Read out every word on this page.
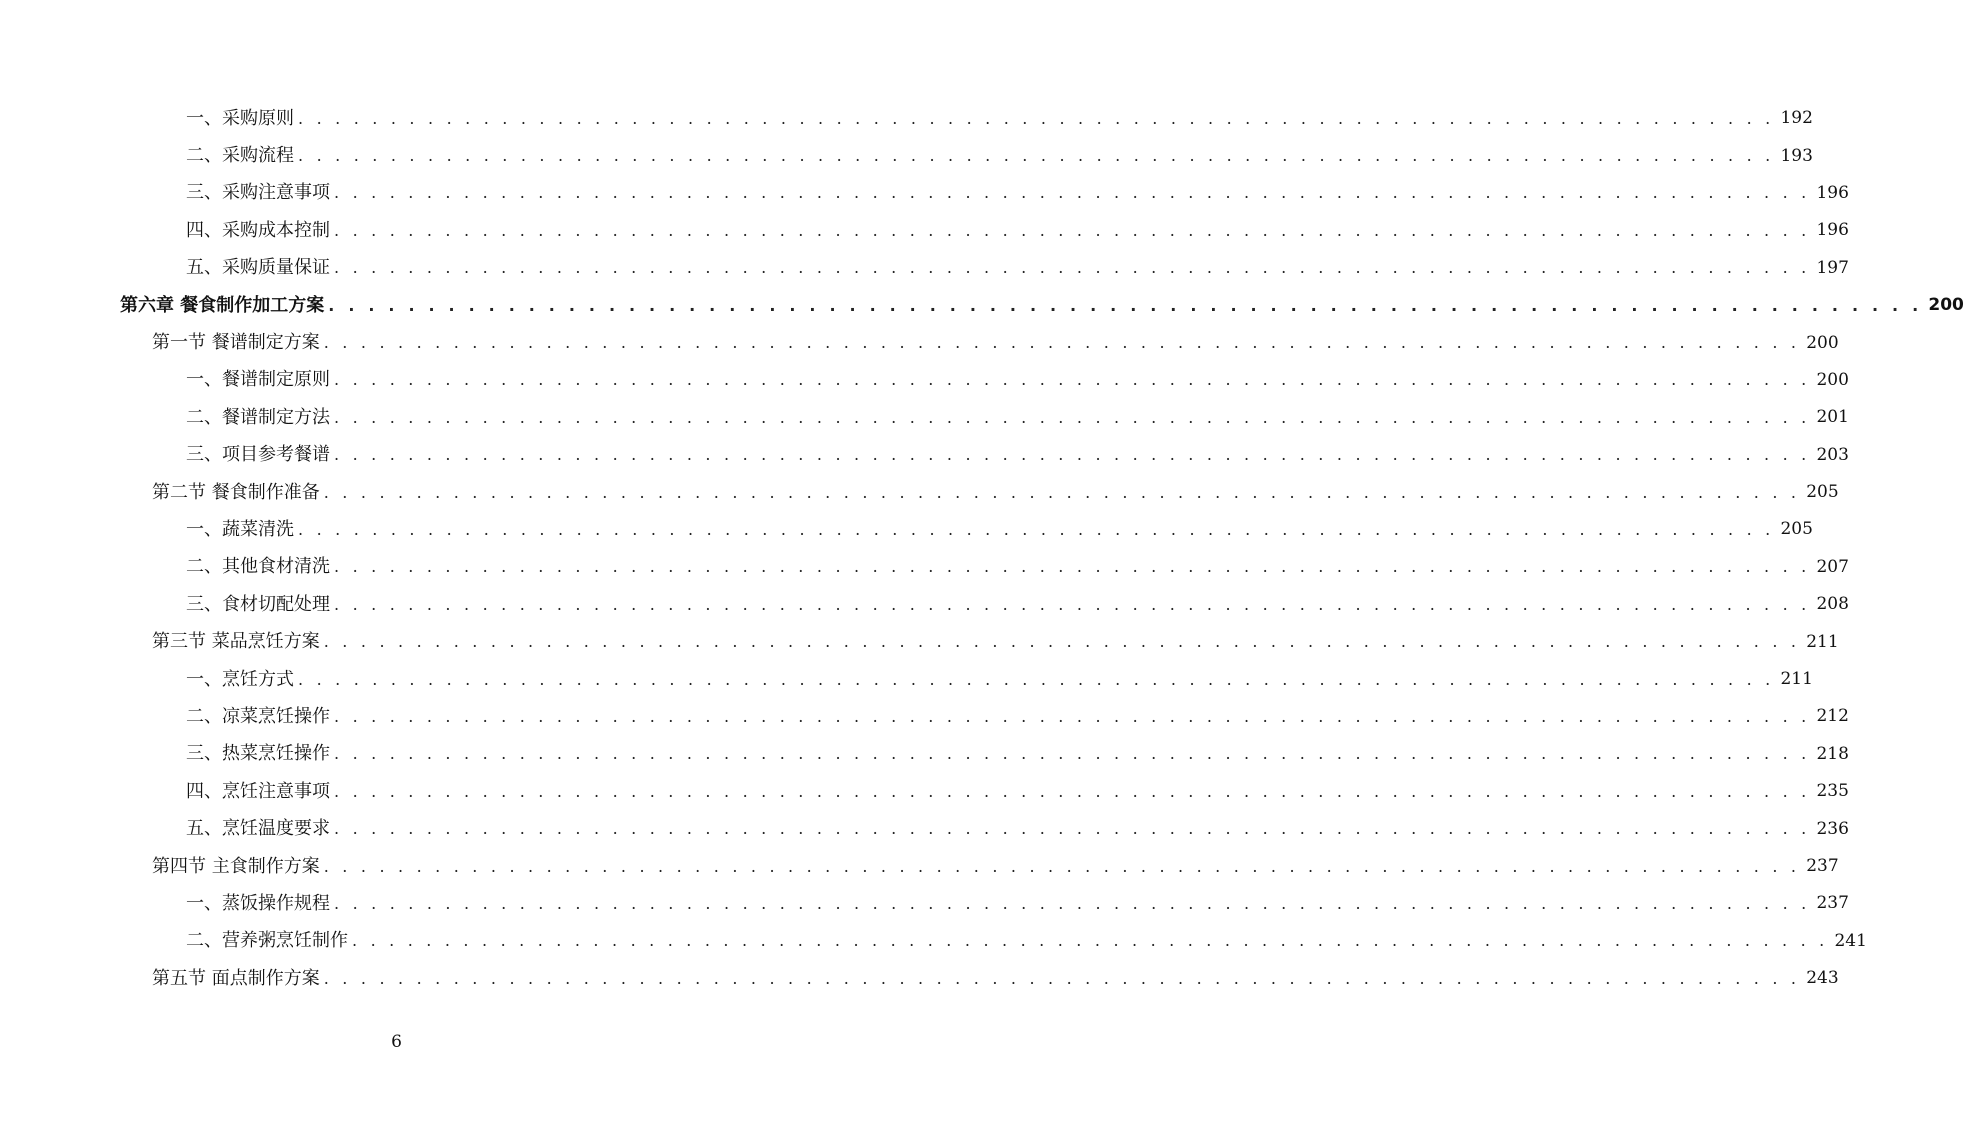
一、采购原则 . . . . . . . . . . . . . . . . . . . . . . . . . . . . . . . . . . . . . . . . . . . . . . . . . . . . . . . . . . . . . . . . . . . . . . . . . . . . . . . . 192
二、采购流程 . . . . . . . . . . . . . . . . . . . . . . . . . . . . . . . . . . . . . . . . . . . . . . . . . . . . . . . . . . . . . . . . . . . . . . . . . . . . . . . . 193
三、采购注意事项 . . . . . . . . . . . . . . . . . . . . . . . . . . . . . . . . . . . . . . . . . . . . . . . . . . . . . . . . . . . . . . . . . . . . . . . . . . . . . . . . 196
四、采购成本控制 . . . . . . . . . . . . . . . . . . . . . . . . . . . . . . . . . . . . . . . . . . . . . . . . . . . . . . . . . . . . . . . . . . . . . . . . . . . . . . . . 196
五、采购质量保证 . . . . . . . . . . . . . . . . . . . . . . . . . . . . . . . . . . . . . . . . . . . . . . . . . . . . . . . . . . . . . . . . . . . . . . . . . . . . . . . . 197
第六章 餐食制作加工方案 . . . . . . . . . . . . . . . . . . . . . . . . . . . . . . . . . . . . . . . . . . . . . . . . . . . . . . . . . . . . . . . . . . . . . . . . . . . . . . . . 200
第一节 餐谱制定方案 . . . . . . . . . . . . . . . . . . . . . . . . . . . . . . . . . . . . . . . . . . . . . . . . . . . . . . . . . . . . . . . . . . . . . . . . . . . . . . . . 200
一、餐谱制定原则 . . . . . . . . . . . . . . . . . . . . . . . . . . . . . . . . . . . . . . . . . . . . . . . . . . . . . . . . . . . . . . . . . . . . . . . . . . . . . . . . 200
二、餐谱制定方法 . . . . . . . . . . . . . . . . . . . . . . . . . . . . . . . . . . . . . . . . . . . . . . . . . . . . . . . . . . . . . . . . . . . . . . . . . . . . . . . . 201
三、项目参考餐谱 . . . . . . . . . . . . . . . . . . . . . . . . . . . . . . . . . . . . . . . . . . . . . . . . . . . . . . . . . . . . . . . . . . . . . . . . . . . . . . . . 203
第二节 餐食制作准备 . . . . . . . . . . . . . . . . . . . . . . . . . . . . . . . . . . . . . . . . . . . . . . . . . . . . . . . . . . . . . . . . . . . . . . . . . . . . . . . . 205
一、蔬菜清洗 . . . . . . . . . . . . . . . . . . . . . . . . . . . . . . . . . . . . . . . . . . . . . . . . . . . . . . . . . . . . . . . . . . . . . . . . . . . . . . . . 205
二、其他食材清洗 . . . . . . . . . . . . . . . . . . . . . . . . . . . . . . . . . . . . . . . . . . . . . . . . . . . . . . . . . . . . . . . . . . . . . . . . . . . . . . . . 207
三、食材切配处理 . . . . . . . . . . . . . . . . . . . . . . . . . . . . . . . . . . . . . . . . . . . . . . . . . . . . . . . . . . . . . . . . . . . . . . . . . . . . . . . . 208
第三节 菜品烹饪方案 . . . . . . . . . . . . . . . . . . . . . . . . . . . . . . . . . . . . . . . . . . . . . . . . . . . . . . . . . . . . . . . . . . . . . . . . . . . . . . . . 211
一、烹饪方式 . . . . . . . . . . . . . . . . . . . . . . . . . . . . . . . . . . . . . . . . . . . . . . . . . . . . . . . . . . . . . . . . . . . . . . . . . . . . . . . . 211
二、凉菜烹饪操作 . . . . . . . . . . . . . . . . . . . . . . . . . . . . . . . . . . . . . . . . . . . . . . . . . . . . . . . . . . . . . . . . . . . . . . . . . . . . . . . . 212
三、热菜烹饪操作 . . . . . . . . . . . . . . . . . . . . . . . . . . . . . . . . . . . . . . . . . . . . . . . . . . . . . . . . . . . . . . . . . . . . . . . . . . . . . . . . 218
四、烹饪注意事项 . . . . . . . . . . . . . . . . . . . . . . . . . . . . . . . . . . . . . . . . . . . . . . . . . . . . . . . . . . . . . . . . . . . . . . . . . . . . . . . . 235
五、烹饪温度要求 . . . . . . . . . . . . . . . . . . . . . . . . . . . . . . . . . . . . . . . . . . . . . . . . . . . . . . . . . . . . . . . . . . . . . . . . . . . . . . . . 236
第四节 主食制作方案 . . . . . . . . . . . . . . . . . . . . . . . . . . . . . . . . . . . . . . . . . . . . . . . . . . . . . . . . . . . . . . . . . . . . . . . . . . . . . . . . 237
一、蒸饭操作规程 . . . . . . . . . . . . . . . . . . . . . . . . . . . . . . . . . . . . . . . . . . . . . . . . . . . . . . . . . . . . . . . . . . . . . . . . . . . . . . . . 237
二、营养粥烹饪制作 . . . . . . . . . . . . . . . . . . . . . . . . . . . . . . . . . . . . . . . . . . . . . . . . . . . . . . . . . . . . . . . . . . . . . . . . . . . . . . . . 241
第五节 面点制作方案 . . . . . . . . . . . . . . . . . . . . . . . . . . . . . . . . . . . . . . . . . . . . . . . . . . . . . . . . . . . . . . . . . . . . . . . . . . . . . . . . 243
6
